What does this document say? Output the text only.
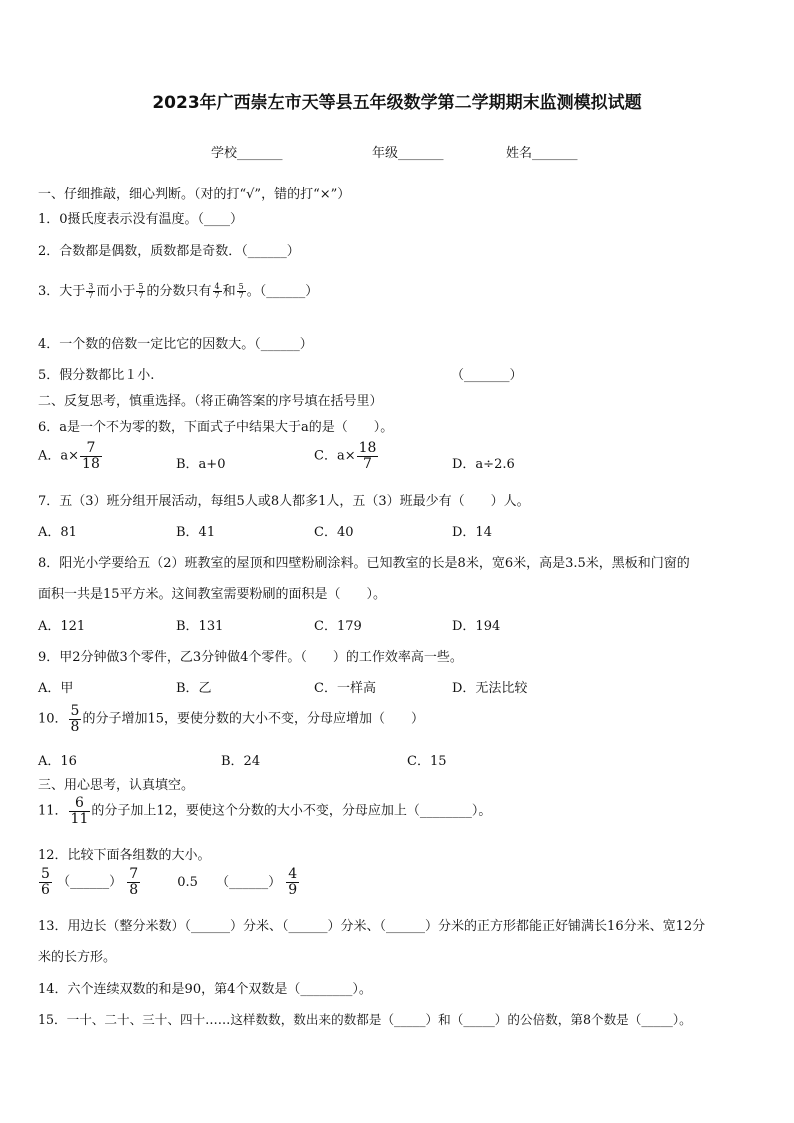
2023年广西崇左市天等县五年级数学第二学期期末监测模拟试题
学校_______	年级_______	姓名_______
一、仔细推敲，细心判断。（对的打“√”，错的打“×”）
1．0摄氏度表示没有温度。（____）
2．合数都是偶数，质数都是奇数．（______）
3．大于 $\frac{3}{7}$ 而小于 $\frac{5}{7}$ 的分数只有 $\frac{4}{7}$ 和 $\frac{5}{7}$ 。（______）
4．一个数的倍数一定比它的因数大。（______）
5．假分数都比１小.	（_______）
二、反复思考，慎重选择。（将正确答案的序号填在括号里）
6．a是一个不为零的数，下面式子中结果大于a的是（　　）。
A．$a\times \frac{7}{18}$	B．a+0
C．$a\times \frac{18}{7}$	D．a÷2.6
7．五（3）班分组开展活动，每组5人或8人都多1人，五（3）班最少有（　　）人。
A．81	B．41	C．40	D．14
8．阳光小学要给五（2）班教室的屋顶和四壁粉刷涂料。已知教室的长是8米，宽6米，高是3.5米，黑板和门窗的
面积一共是15平方米。这间教室需要粉刷的面积是（　　）。
A．121	B．131	C．179	D．194
9．甲2分钟做3个零件，乙3分钟做4个零件。（　　）的工作效率高一些。
A．甲	B．乙	C．一样高	D．无法比较
10． $\frac{5}{8}$ 的分子增加15，要使分数的大小不变，分母应增加（　　）
A．16	B．24	C．15
三、用心思考，认真填空。
11． $\frac{6}{11}$ 的分子加上12，要使这个分数的大小不变，分母应加上（________）。
12．比较下面各组数的大小。
$\frac{5}{6}$ （______） $\frac{7}{8}$	0.5 （______） $\frac{4}{9}$
13．用边长（整分米数）（______）分米、（______）分米、（______）分米的正方形都能正好铺满长16分米、宽12分
米的长方形。
14．六个连续双数的和是90，第4个双数是（________）。
15．一十、二十、三十、四十……这样数数，数出来的数都是（_____）和（_____）的公倍数，第8个数是（_____）。
